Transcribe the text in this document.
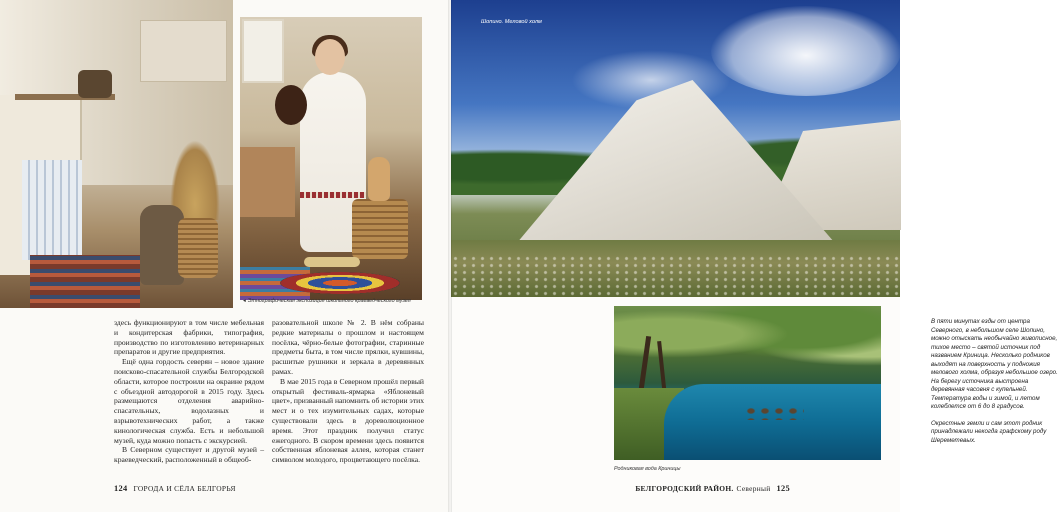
◂ Этнографическая экспозиция школьного краеведческого музея

здесь функционируют в том числе мебельная и кондитерская фабрики, типография, производство по изготовлению ветеринарных препаратов и другие предприятия.

Ещё одна гордость северян – новое здание поисково-спасательной службы Белгородской области, которое построили на окраине рядом с объездной автодорогой в 2015 году. Здесь размещаются отделения аварийно-спасательных, водолазных и взрывотехнических работ, а также кинологическая служба. Есть и небольшой музей, куда можно попасть с экскурсией.

В Северном существует и другой музей – краеведческий, расположенный в общеоб-

разовательной школе № 2. В нём собраны редкие материалы о прошлом и настоящем посёлка, чёрно-белые фотографии, старинные предметы быта, в том числе прялки, кувшины, расшитые рушники и зеркала в деревянных рамах.

В мае 2015 года в Северном прошёл первый открытый фестиваль-ярмарка «Яблоневый цвет», призванный напомнить об истории этих мест и о тех изумительных садах, которые существовали здесь в дореволюционное время. Этот праздник получил статус ежегодного. В скором времени здесь появится собственная яблоневая аллея, которая станет символом молодого, процветающего посёлка.

124 ГОРОДА И СЁЛА БЕЛГОРЬЯ
Шопино. Меловой холм

В пяти минутах езды от центра Северного, в небольшом селе Шопино, можно отыскать необычайно живописное, тихое место – святой источник под названием Криница. Несколько родников выходят на поверхность у подножия мелового холма, образуя небольшое озеро. На берегу источника выстроена деревянная часовня с купельней. Температура воды и зимой, и летом колеблется от 6 до 8 градусов.

Окрестные земли и сам этот родник принадлежали некогда графскому роду Шереметевых.

Родниковая вода Криницы
БЕЛГОРОДСКИЙ РАЙОН. Северный 125
